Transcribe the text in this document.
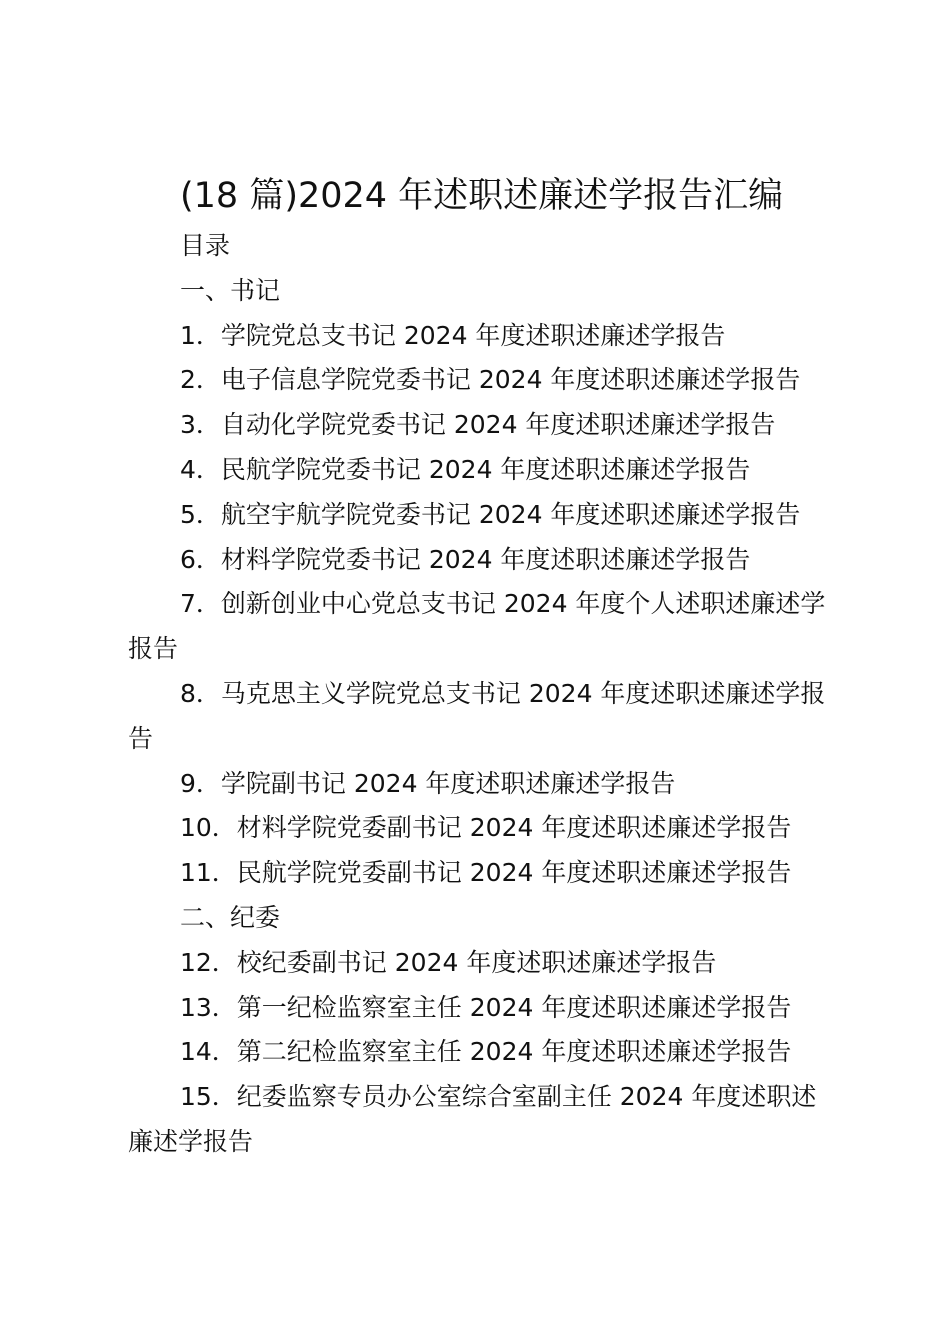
(18 篇)2024 年述职述廉述学报告汇编

目录

一、书记

1．学院党总支书记 2024 年度述职述廉述学报告

2．电子信息学院党委书记 2024 年度述职述廉述学报告

3．自动化学院党委书记 2024 年度述职述廉述学报告

4．民航学院党委书记 2024 年度述职述廉述学报告

5．航空宇航学院党委书记 2024 年度述职述廉述学报告

6．材料学院党委书记 2024 年度述职述廉述学报告

7．创新创业中心党总支书记 2024 年度个人述职述廉述学报告

8．马克思主义学院党总支书记 2024 年度述职述廉述学报告

9．学院副书记 2024 年度述职述廉述学报告

10．材料学院党委副书记 2024 年度述职述廉述学报告

11．民航学院党委副书记 2024 年度述职述廉述学报告

二、纪委

12．校纪委副书记 2024 年度述职述廉述学报告

13．第一纪检监察室主任 2024 年度述职述廉述学报告

14．第二纪检监察室主任 2024 年度述职述廉述学报告

15．纪委监察专员办公室综合室副主任 2024 年度述职述廉述学报告
